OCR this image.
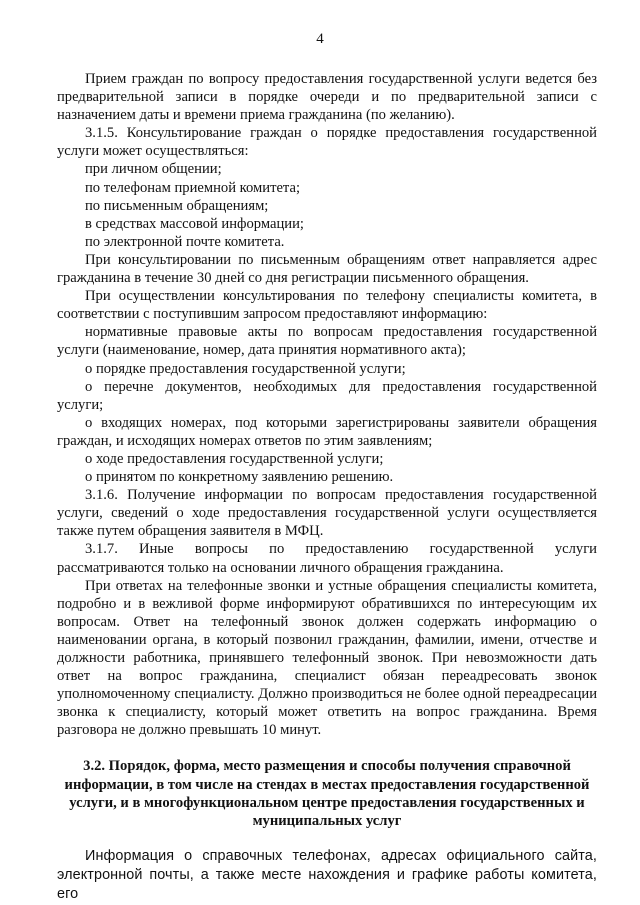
4

Прием граждан по вопросу предоставления государственной услуги ведется без предварительной записи в порядке очереди и по предварительной записи с назначением даты и времени приема гражданина (по желанию).

3.1.5. Консультирование граждан о порядке предоставления государственной услуги может осуществляться:

при личном общении;

по телефонам приемной комитета;

по письменным обращениям;

в средствах массовой информации;

по электронной почте комитета.

При консультировании по письменным обращениям ответ направляется адрес гражданина в течение 30 дней со дня регистрации письменного обращения.

При осуществлении консультирования по телефону специалисты комитета, в соответствии с поступившим запросом предоставляют информацию:

нормативные правовые акты по вопросам предоставления государственной услуги (наименование, номер, дата принятия нормативного акта);

о порядке предоставления государственной услуги;

о перечне документов, необходимых для предоставления государственной услуги;

о входящих номерах, под которыми зарегистрированы заявители обращения граждан, и исходящих номерах ответов по этим заявлениям;

о ходе предоставления государственной услуги;

о принятом по конкретному заявлению решению.

3.1.6. Получение информации по вопросам предоставления государственной услуги, сведений о ходе предоставления государственной услуги осуществляется также путем обращения заявителя в МФЦ.

3.1.7. Иные вопросы по предоставлению государственной услуги рассматриваются только на основании личного обращения гражданина.

При ответах на телефонные звонки и устные обращения специалисты комитета, подробно и в вежливой форме информируют обратившихся по интересующим их вопросам. Ответ на телефонный звонок должен содержать информацию о наименовании органа, в который позвонил гражданин, фамилии, имени, отчестве и должности работника, принявшего телефонный звонок. При невозможности дать ответ на вопрос гражданина, специалист обязан переадресовать звонок уполномоченному специалисту. Должно производиться не более одной переадресации звонка к специалисту, который может ответить на вопрос гражданина. Время разговора не должно превышать 10 минут.

3.2. Порядок, форма, место размещения и способы получения справочной информации, в том числе на стендах в местах предоставления государственной услуги, и в многофункциональном центре предоставления государственных и муниципальных услуг

Информация о справочных телефонах, адресах официального сайта, электронной почты, а также месте нахождения и графике работы комитета, его
